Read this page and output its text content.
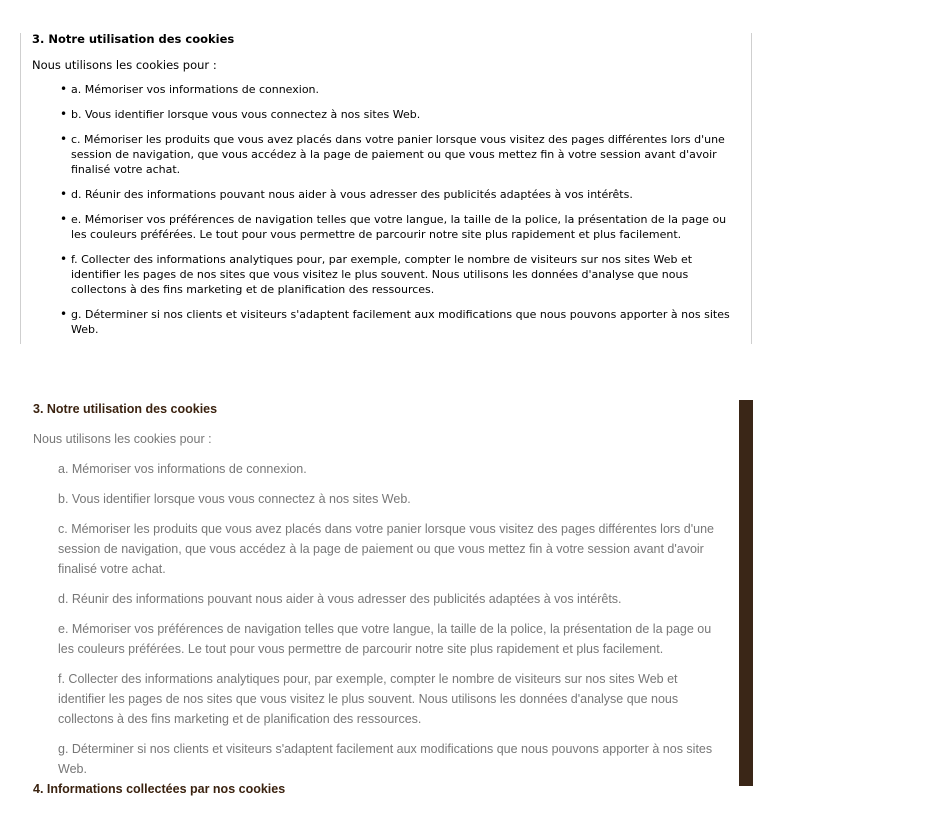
3. Notre utilisation des cookies

Nous utilisons les cookies pour :

• a. Mémoriser vos informations de connexion.
• b. Vous identifier lorsque vous vous connectez à nos sites Web.
• c. Mémoriser les produits que vous avez placés dans votre panier lorsque vous visitez des pages différentes lors d'une session de navigation, que vous accédez à la page de paiement ou que vous mettez fin à votre session avant d'avoir finalisé votre achat.
• d. Réunir des informations pouvant nous aider à vous adresser des publicités adaptées à vos intérêts.
• e. Mémoriser vos préférences de navigation telles que votre langue, la taille de la police, la présentation de la page ou les couleurs préférées. Le tout pour vous permettre de parcourir notre site plus rapidement et plus facilement.
• f. Collecter des informations analytiques pour, par exemple, compter le nombre de visiteurs sur nos sites Web et identifier les pages de nos sites que vous visitez le plus souvent. Nous utilisons les données d'analyse que nous collectons à des fins marketing et de planification des ressources.
• g. Déterminer si nos clients et visiteurs s'adaptent facilement aux modifications que nous pouvons apporter à nos sites Web.
3. Notre utilisation des cookies

Nous utilisons les cookies pour :

a. Mémoriser vos informations de connexion.
b. Vous identifier lorsque vous vous connectez à nos sites Web.
c. Mémoriser les produits que vous avez placés dans votre panier lorsque vous visitez des pages différentes lors d'une session de navigation, que vous accédez à la page de paiement ou que vous mettez fin à votre session avant d'avoir finalisé votre achat.
d. Réunir des informations pouvant nous aider à vous adresser des publicités adaptées à vos intérêts.
e. Mémoriser vos préférences de navigation telles que votre langue, la taille de la police, la présentation de la page ou les couleurs préférées. Le tout pour vous permettre de parcourir notre site plus rapidement et plus facilement.
f. Collecter des informations analytiques pour, par exemple, compter le nombre de visiteurs sur nos sites Web et identifier les pages de nos sites que vous visitez le plus souvent. Nous utilisons les données d'analyse que nous collectons à des fins marketing et de planification des ressources.
g. Déterminer si nos clients et visiteurs s'adaptent facilement aux modifications que nous pouvons apporter à nos sites Web.
4. Informations collectées par nos cookies
